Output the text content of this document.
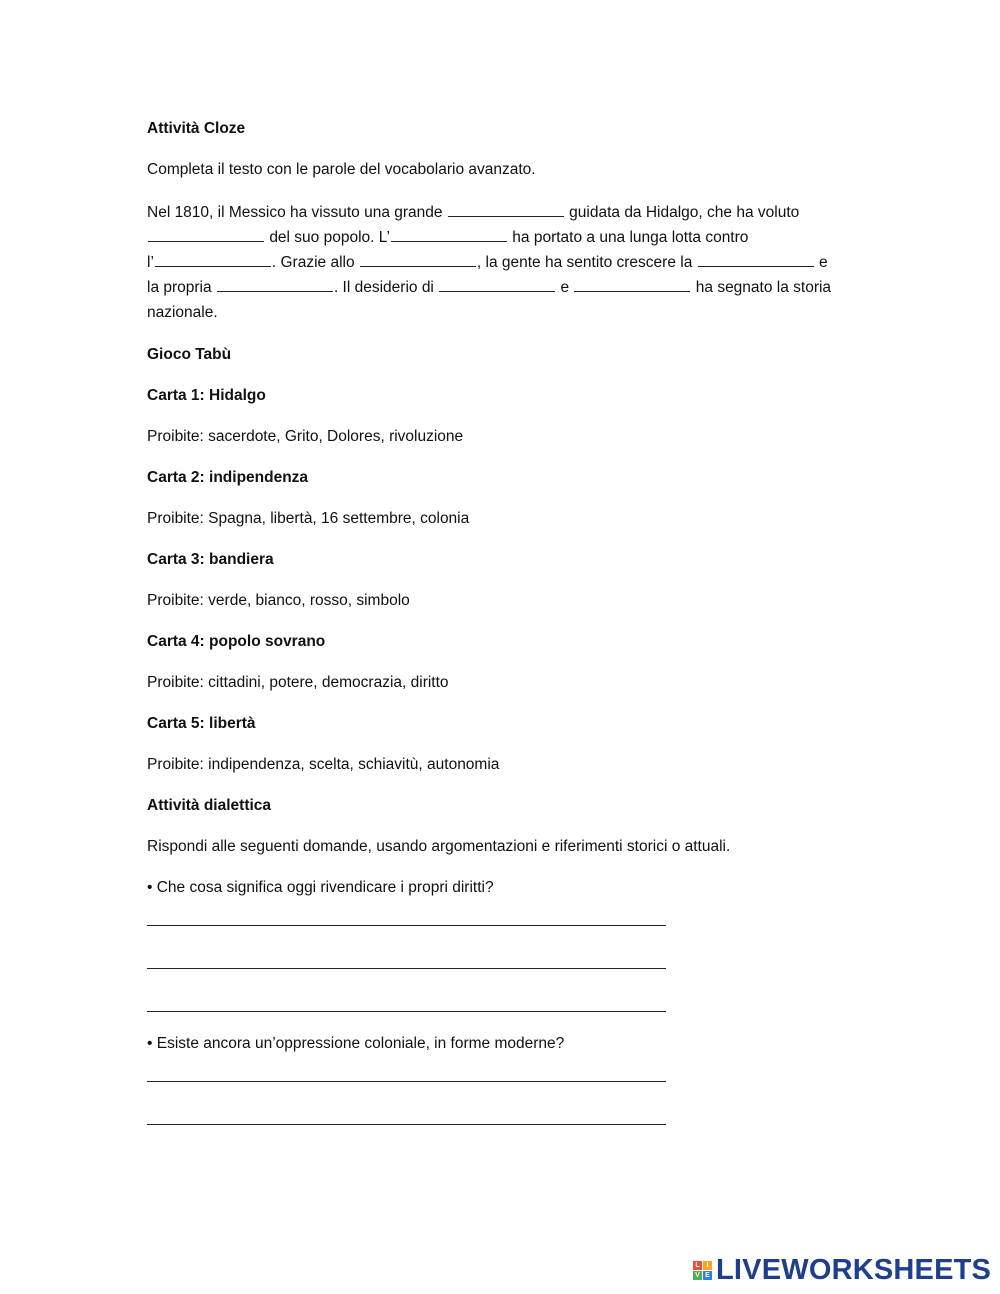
Attività Cloze

Completa il testo con le parole del vocabolario avanzato.

Nel 1810, il Messico ha vissuto una grande	guidata da Hidalgo, che ha voluto
del suo popolo. L’	ha portato a una lunga lotta contro
l’	. Grazie allo	, la gente ha sentito crescere la	e
la propria	. Il desiderio di	e	ha segnato la storia
nazionale.

Gioco Tabù

Carta 1: Hidalgo

Proibite: sacerdote, Grito, Dolores, rivoluzione

Carta 2: indipendenza

Proibite: Spagna, libertà, 16 settembre, colonia

Carta 3: bandiera

Proibite: verde, bianco, rosso, simbolo

Carta 4: popolo sovrano

Proibite: cittadini, potere, democrazia, diritto

Carta 5: libertà

Proibite: indipendenza, scelta, schiavitù, autonomia

Attività dialettica

Rispondi alle seguenti domande, usando argomentazioni e riferimenti storici o attuali.

• Che cosa significa oggi rivendicare i propri diritti?

• Esiste ancora un’oppressione coloniale, in forme moderne?

L I
V E LIVEWORKSHEETS
